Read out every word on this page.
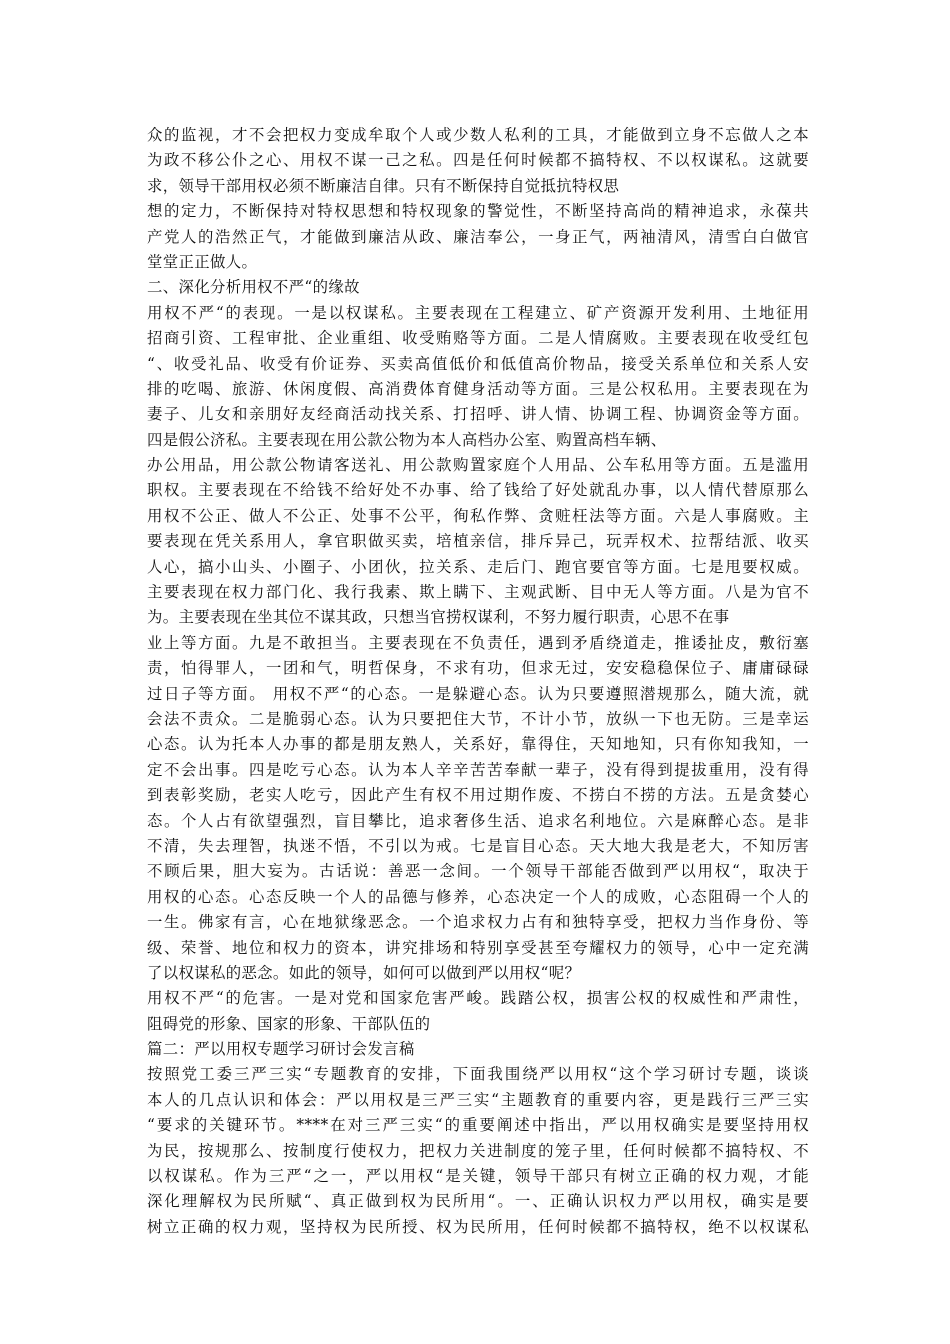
众的监视，才不会把权力变成牟取个人或少数人私利的工具，才能做到立身不忘做人之本
为政不移公仆之心、用权不谋一己之私。四是任何时候都不搞特权、不以权谋私。这就要
求，领导干部用权必须不断廉洁自律。只有不断保持自觉抵抗特权思
想的定力，不断保持对特权思想和特权现象的警觉性，不断坚持高尚的精神追求，永葆共
产党人的浩然正气，才能做到廉洁从政、廉洁奉公，一身正气，两袖清风，清雪白白做官
堂堂正正做人。
二、深化分析用权不严“的缘故
用权不严“的表现。一是以权谋私。主要表现在工程建立、矿产资源开发利用、土地征用
招商引资、工程审批、企业重组、收受贿赂等方面。二是人情腐败。主要表现在收受红包
“、收受礼品、收受有价证券、买卖高值低价和低值高价物品，接受关系单位和关系人安
排的吃喝、旅游、休闲度假、高消费体育健身活动等方面。三是公权私用。主要表现在为
妻子、儿女和亲朋好友经商活动找关系、打招呼、讲人情、协调工程、协调资金等方面。
四是假公济私。主要表现在用公款公物为本人高档办公室、购置高档车辆、
办公用品，用公款公物请客送礼、用公款购置家庭个人用品、公车私用等方面。五是滥用
职权。主要表现在不给钱不给好处不办事、给了钱给了好处就乱办事，以人情代替原那么
用权不公正、做人不公正、处事不公平，徇私作弊、贪赃枉法等方面。六是人事腐败。主
要表现在凭关系用人，拿官职做买卖，培植亲信，排斥异己，玩弄权术、拉帮结派、收买
人心，搞小山头、小圈子、小团伙，拉关系、走后门、跑官要官等方面。七是甩要权威。
主要表现在权力部门化、我行我素、欺上瞒下、主观武断、目中无人等方面。八是为官不
为。主要表现在坐其位不谋其政，只想当官捞权谋利，不努力履行职责，心思不在事
业上等方面。九是不敢担当。主要表现在不负责任，遇到矛盾绕道走，推诿扯皮，敷衍塞
责，怕得罪人，一团和气，明哲保身，不求有功，但求无过，安安稳稳保位子、庸庸碌碌
过日子等方面。 用权不严“的心态。一是躲避心态。认为只要遵照潜规那么，随大流，就
会法不责众。二是脆弱心态。认为只要把住大节，不计小节，放纵一下也无防。三是幸运
心态。认为托本人办事的都是朋友熟人，关系好，靠得住，天知地知，只有你知我知，一
定不会出事。四是吃亏心态。认为本人辛辛苦苦奉献一辈子，没有得到提拔重用，没有得
到表彰奖励，老实人吃亏，因此产生有权不用过期作废、不捞白不捞的方法。五是贪婪心
态。个人占有欲望强烈，盲目攀比，追求奢侈生活、追求名利地位。六是麻醉心态。是非
不清，失去理智，执迷不悟，不引以为戒。七是盲目心态。天大地大我是老大，不知厉害
不顾后果，胆大妄为。古话说：善恶一念间。一个领导干部能否做到严以用权“，取决于
用权的心态。心态反映一个人的品德与修养，心态决定一个人的成败，心态阻碍一个人的
一生。佛家有言，心在地狱缘恶念。一个追求权力占有和独特享受，把权力当作身份、等
级、荣誉、地位和权力的资本，讲究排场和特别享受甚至夸耀权力的领导，心中一定充满
了以权谋私的恶念。如此的领导，如何可以做到严以用权“呢？
用权不严“的危害。一是对党和国家危害严峻。践踏公权，损害公权的权威性和严肃性，
阻碍党的形象、国家的形象、干部队伍的
篇二：严以用权专题学习研讨会发言稿
按照党工委三严三实“专题教育的安排，下面我围绕严以用权“这个学习研讨专题，谈谈
本人的几点认识和体会：严以用权是三严三实“主题教育的重要内容，更是践行三严三实
“要求的关键环节。****在对三严三实“的重要阐述中指出，严以用权确实是要坚持用权
为民，按规那么、按制度行使权力，把权力关进制度的笼子里，任何时候都不搞特权、不
以权谋私。作为三严“之一，严以用权“是关键，领导干部只有树立正确的权力观，才能
深化理解权为民所赋“、真正做到权为民所用“。一、正确认识权力严以用权，确实是要
树立正确的权力观，坚持权为民所授、权为民所用，任何时候都不搞特权，绝不以权谋私
